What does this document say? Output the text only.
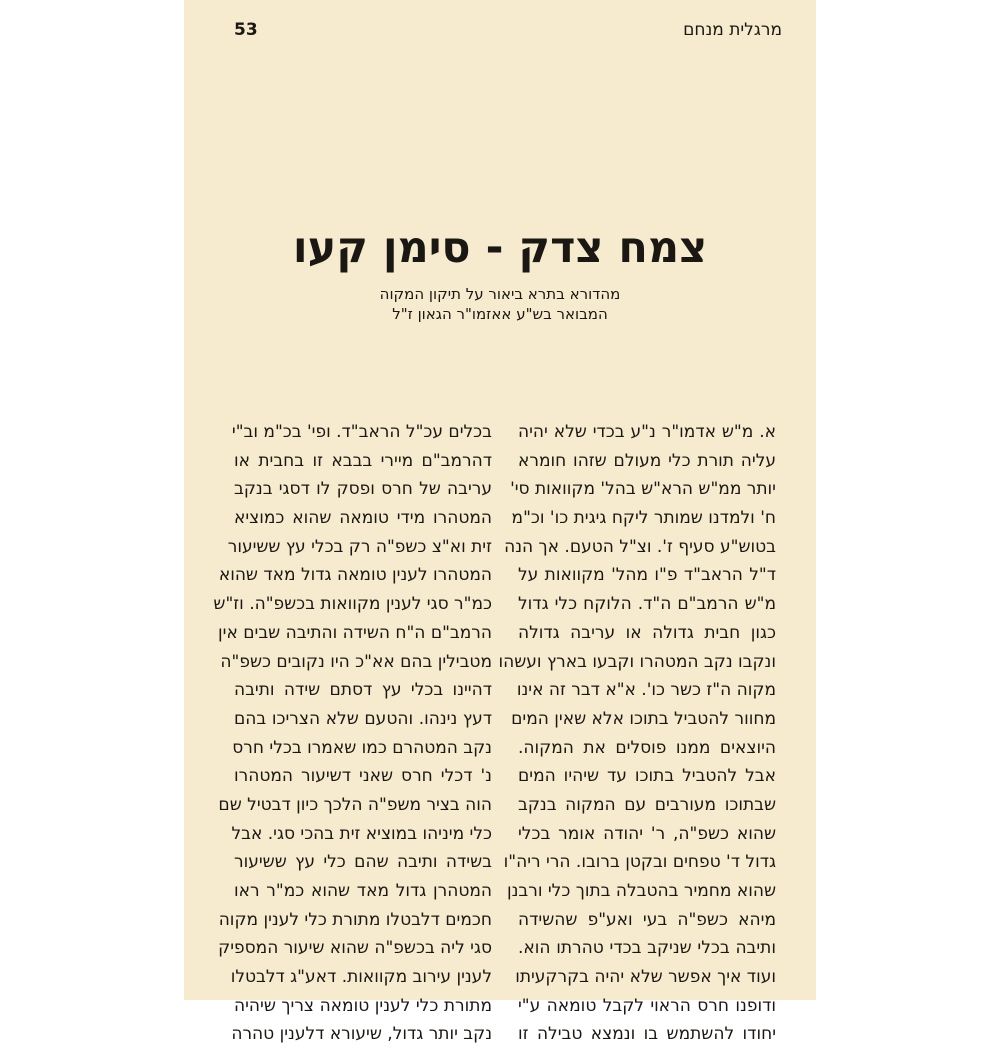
53	מרגלית מנחם
צמח צדק - סימן קעו

מהדורא בתרא ביאור על תיקון המקוה

המבואר בש"ע אאזמו"ר הגאון ז"ל

א. מ"ש אדמו"ר נ"ע בכדי שלא יהיה
עליה תורת כלי מעולם שזהו חומרא
יותר ממ"ש הרא"ש בהל' מקוואות סי'
ח' ולמדנו שמותר ליקח גיגית כו' וכ"מ
בטוש"ע סעיף ז'. וצ"ל הטעם. אך הנה
ד"ל הראב"ד פ"ו מהל' מקוואות על
מ"ש הרמב"ם ה"ד. הלוקח כלי גדול
כגון חבית גדולה או עריבה גדולה
ונקבו נקב המטהרו וקבעו בארץ ועשהו
מקוה ה"ז כשר כו'. א"א דבר זה אינו
מחוור להטביל בתוכו אלא שאין המים
היוצאים ממנו פוסלים את המקוה.
אבל להטביל בתוכו עד שיהיו המים
שבתוכו מעורבים עם המקוה בנקב
שהוא כשפ"ה, ר' יהודה אומר בכלי
גדול ד' טפחים ובקטן ברובו. הרי ריה"ו
שהוא מחמיר בהטבלה בתוך כלי ורבנן
מיהא כשפ"ה בעי ואע"פ שהשידה
ותיבה בכלי שניקב בכדי טהרתו הוא.
ועוד איך אפשר שלא יהיה בקרקעיתו
ודופנו חרס הראוי לקבל טומאה ע"י
יחודו להשתמש בו ונמצא טבילה זו
בכלים עכ"ל הראב"ד. ופי' בכ"מ וב"י
דהרמב"ם מיירי בבבא זו בחבית או
עריבה של חרס ופסק לו דסגי בנקב
המטהרו מידי טומאה שהוא כמוציא
זית וא"צ כשפ"ה רק בכלי עץ ששיעור
המטהרו לענין טומאה גדול מאד שהוא
כמ"ר סגי לענין מקוואות בכשפ"ה. וז"ש
הרמב"ם ה"ח השידה והתיבה שבים אין
מטבילין בהם אא"כ היו נקובים כשפ"ה
דהיינו בכלי עץ דסתם שידה ותיבה
דעץ נינהו. והטעם שלא הצריכו בהם
נקב המטהרם כמו שאמרו בכלי חרס
נ' דכלי חרס שאני דשיעור המטהרו
הוה בציר משפ"ה הלכך כיון דבטיל שם
כלי מיניהו במוציא זית בהכי סגי. אבל
בשידה ותיבה שהם כלי עץ ששיעור
המטהרן גדול מאד שהוא כמ"ר ראו
חכמים דלבטלו מתורת כלי לענין מקוה
סגי ליה בכשפ"ה שהוא שיעור המספיק
לענין עירוב מקוואות. דאע"ג דלבטלו
מתורת כלי לענין טומאה צריך שיהיה
נקב יותר גדול, שיעורא דלענין טהרה
